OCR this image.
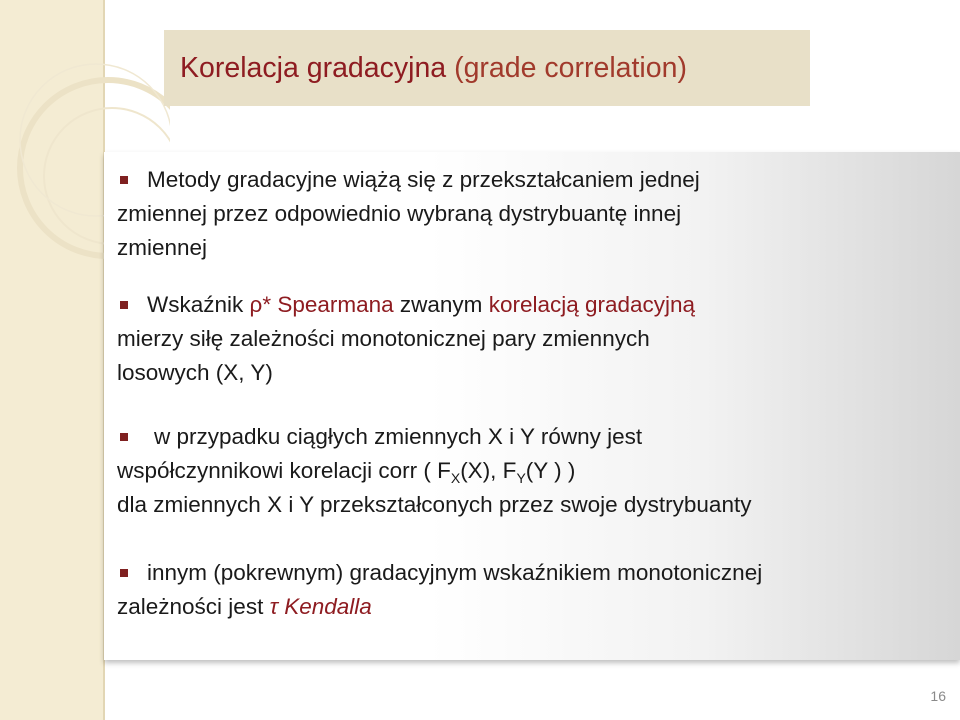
Korelacja gradacyjna (grade correlation)
Metody gradacyjne wiążą się z przekształcaniem jednej
zmiennej przez odpowiednio wybraną dystrybuantę innej
zmiennej
Wskaźnik ρ* Spearmana zwanym korelacją gradacyjną
mierzy siłę zależności monotonicznej pary zmiennych
losowych (X, Y)
w przypadku ciągłych zmiennych X i Y równy jest
współczynnikowi korelacji corr ( $F_X(X)$, $F_Y(Y$ ) )
dla zmiennych X i Y przekształconych przez swoje dystrybuanty
innym (pokrewnym) gradacyjnym wskaźnikiem monotonicznej
zależności jest τ Kendalla
16
